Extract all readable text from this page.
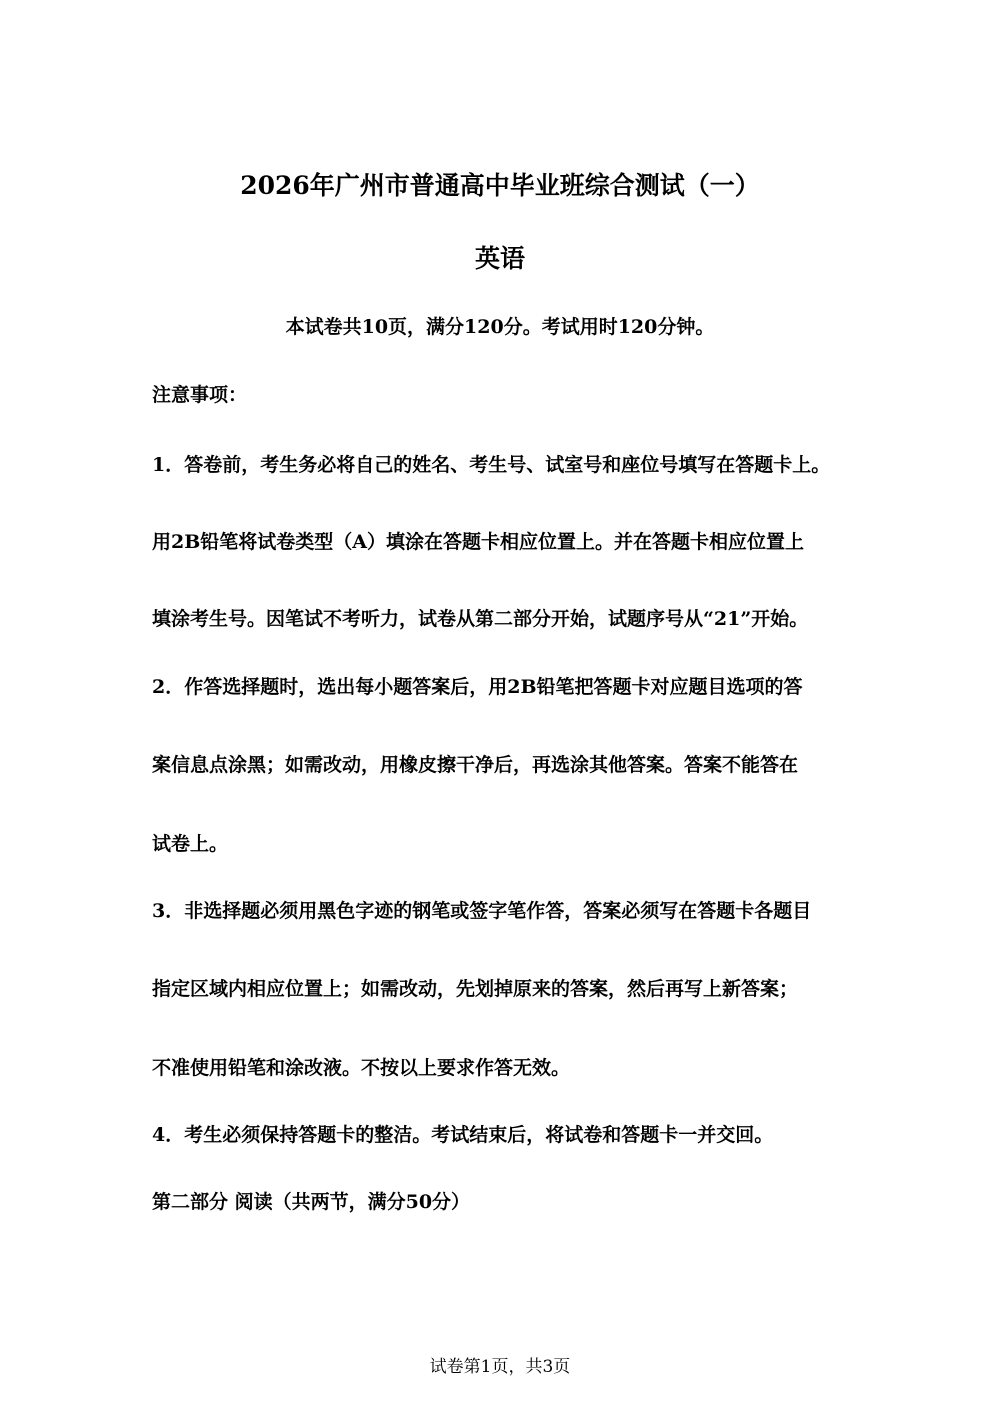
2026年广州市普通高中毕业班综合测试（一）
英语
本试卷共10页，满分120分。考试用时120分钟。
注意事项：
1．答卷前，考生务必将自己的姓名、考生号、试室号和座位号填写在答题卡上。
用2B铅笔将试卷类型（A）填涂在答题卡相应位置上。并在答题卡相应位置上
填涂考生号。因笔试不考听力，试卷从第二部分开始，试题序号从“21”开始。
2．作答选择题时，选出每小题答案后，用2B铅笔把答题卡对应题目选项的答
案信息点涂黑；如需改动，用橡皮擦干净后，再选涂其他答案。答案不能答在
试卷上。
3．非选择题必须用黑色字迹的钢笔或签字笔作答，答案必须写在答题卡各题目
指定区域内相应位置上；如需改动，先划掉原来的答案，然后再写上新答案；
不准使用铅笔和涂改液。不按以上要求作答无效。
4．考生必须保持答题卡的整洁。考试结束后，将试卷和答题卡一并交回。
第二部分 阅读（共两节，满分50分）
试卷第1页，共3页
